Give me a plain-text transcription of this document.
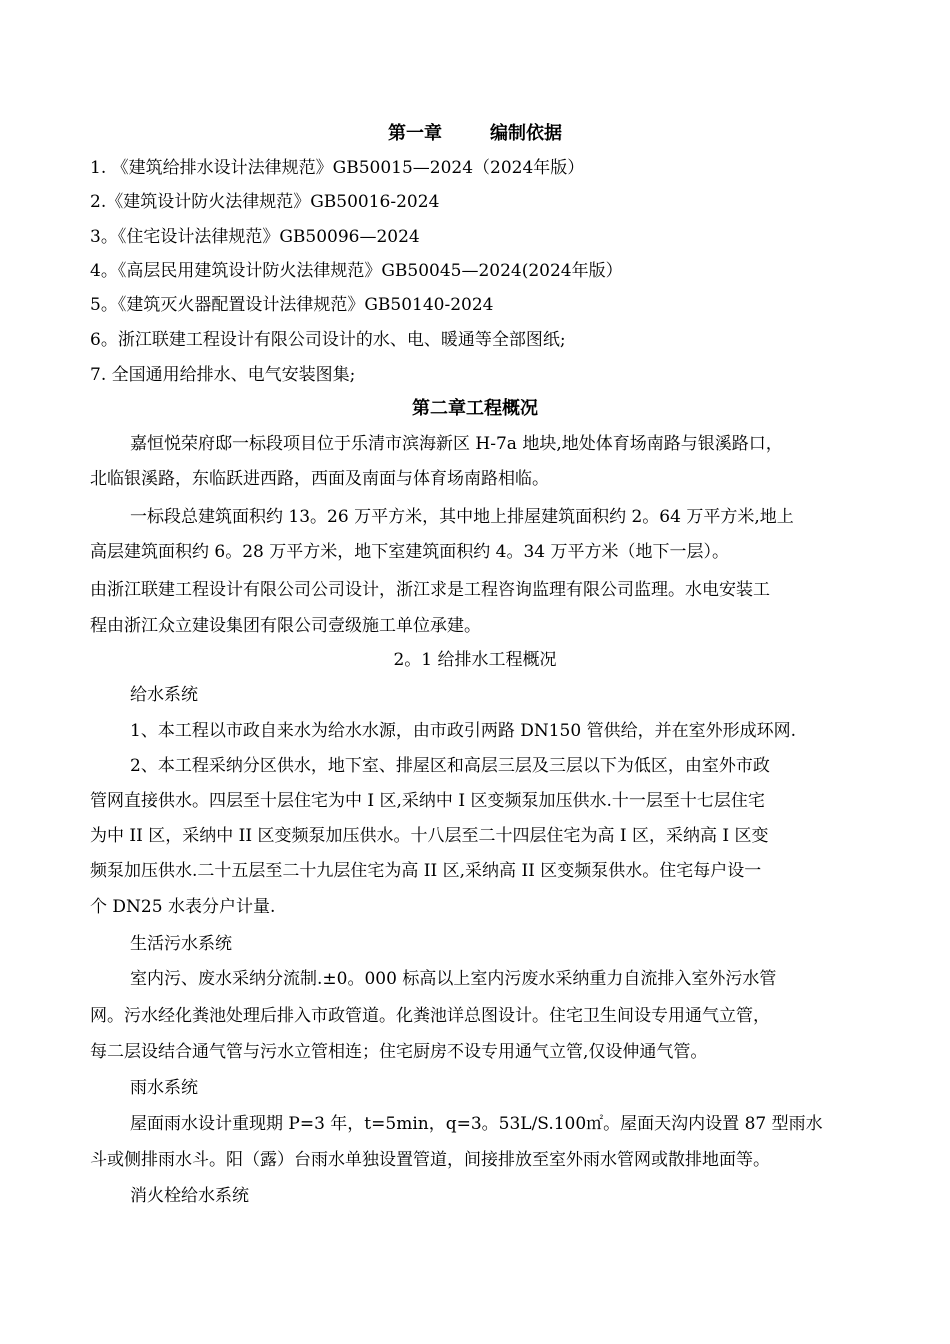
第一章	编制依据
1. 《建筑给排水设计法律规范》GB50015—2024（2024年版）
2.《建筑设计防火法律规范》GB50016-2024
3。《住宅设计法律规范》GB50096—2024
4。《高层民用建筑设计防火法律规范》GB50045—2024(2024年版）
5。《建筑灭火器配置设计法律规范》GB50140-2024
6。浙江联建工程设计有限公司设计的水、电、暖通等全部图纸;
7. 全国通用给排水、电气安装图集;
第二章工程概况
嘉恒悦荣府邸一标段项目位于乐清市滨海新区 H-7a 地块,地处体育场南路与银溪路口，
北临银溪路，东临跃进西路，西面及南面与体育场南路相临。
一标段总建筑面积约 13。26 万平方米，其中地上排屋建筑面积约 2。64 万平方米,地上
高层建筑面积约 6。28 万平方米，地下室建筑面积约 4。34 万平方米（地下一层）。
由浙江联建工程设计有限公司公司设计，浙江求是工程咨询监理有限公司监理。水电安装工
程由浙江众立建设集团有限公司壹级施工单位承建。
2。1 给排水工程概况
给水系统
1、本工程以市政自来水为给水水源，由市政引两路 DN150 管供给，并在室外形成环网.
2、本工程采纳分区供水，地下室、排屋区和高层三层及三层以下为低区，由室外市政
管网直接供水。四层至十层住宅为中 I 区,采纳中 I 区变频泵加压供水.十一层至十七层住宅
为中 II 区，采纳中 II 区变频泵加压供水。十八层至二十四层住宅为高 I 区，采纳高 I 区变
频泵加压供水.二十五层至二十九层住宅为高 II 区,采纳高 II 区变频泵供水。住宅每户设一
个 DN25 水表分户计量.
生活污水系统
室内污、废水采纳分流制.±0。000 标高以上室内污废水采纳重力自流排入室外污水管
网。污水经化粪池处理后排入市政管道。化粪池详总图设计。住宅卫生间设专用通气立管，
每二层设结合通气管与污水立管相连；住宅厨房不设专用通气立管,仅设伸通气管。
雨水系统
屋面雨水设计重现期 P=3 年，t=5min，q=3。53L/S.100㎡。屋面天沟内设置 87 型雨水
斗或侧排雨水斗。阳（露）台雨水单独设置管道，间接排放至室外雨水管网或散排地面等。
消火栓给水系统
